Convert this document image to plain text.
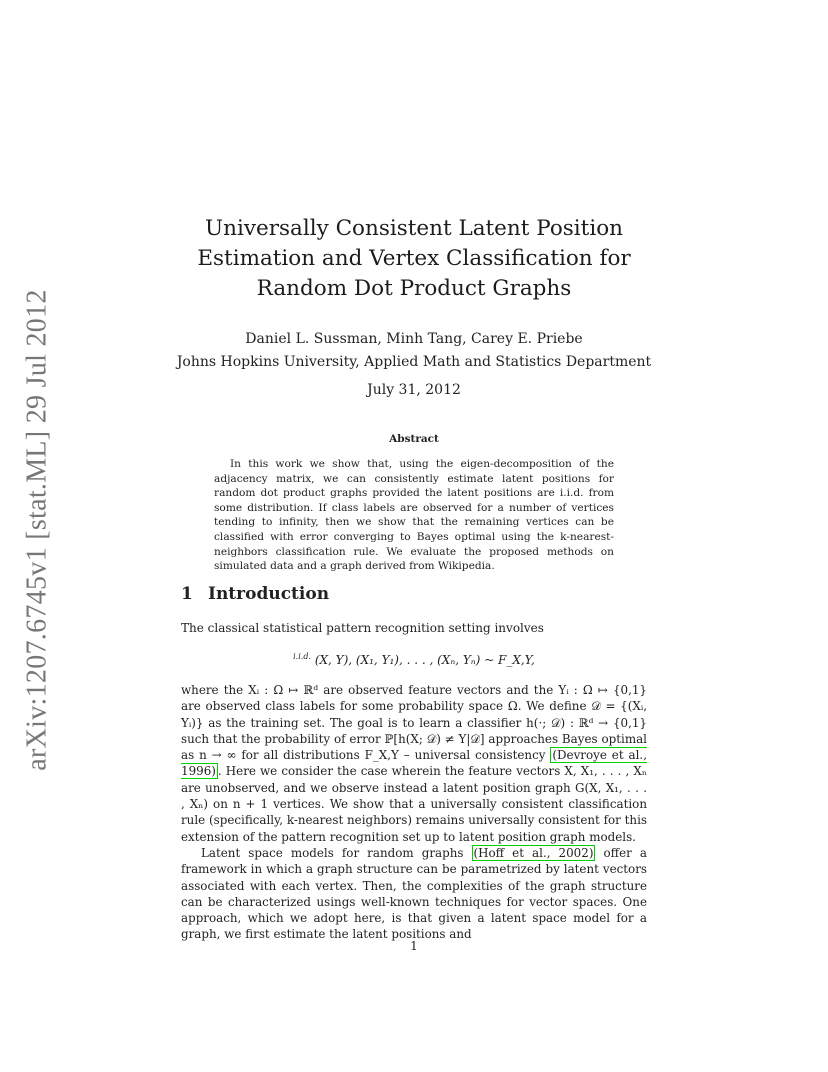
arXiv:1207.6745v1 [stat.ML] 29 Jul 2012
Universally Consistent Latent Position
Estimation and Vertex Classification for
Random Dot Product Graphs
Daniel L. Sussman, Minh Tang, Carey E. Priebe
Johns Hopkins University, Applied Math and Statistics Department
July 31, 2012
Abstract
In this work we show that, using the eigen-decomposition of the adjacency matrix, we can consistently estimate latent positions for random dot product graphs provided the latent positions are i.i.d. from some distribution. If class labels are observed for a number of vertices tending to infinity, then we show that the remaining vertices can be classified with error converging to Bayes optimal using the k-nearest-neighbors classification rule. We evaluate the proposed methods on simulated data and a graph derived from Wikipedia.
1 Introduction
The classical statistical pattern recognition setting involves
$^{i.i.d.}$ (X, Y), (X₁, Y₁), . . . , (Xₙ, Yₙ) ~ F_X,Y,
where the Xᵢ : Ω ↦ ℝᵈ are observed feature vectors and the Yᵢ : Ω ↦ {0,1} are observed class labels for some probability space Ω. We define 𝒟 = {(Xᵢ, Yᵢ)} as the training set. The goal is to learn a classifier h(·; 𝒟) : ℝᵈ → {0,1} such that the probability of error ℙ[h(X; 𝒟) ≠ Y|𝒟] approaches Bayes optimal as n → ∞ for all distributions F_X,Y – universal consistency (Devroye et al., 1996) . Here we consider the case wherein the feature vectors X, X₁, . . . , Xₙ are unobserved, and we observe instead a latent position graph G(X, X₁, . . . , Xₙ) on n + 1 vertices. We show that a universally consistent classification rule (specifically, k-nearest neighbors) remains universally consistent for this extension of the pattern recognition set up to latent position graph models.
Latent space models for random graphs (Hoff et al., 2002) offer a framework in which a graph structure can be parametrized by latent vectors associated with each vertex. Then, the complexities of the graph structure can be characterized usings well-known techniques for vector spaces. One approach, which we adopt here, is that given a latent space model for a graph, we first estimate the latent positions and
1
